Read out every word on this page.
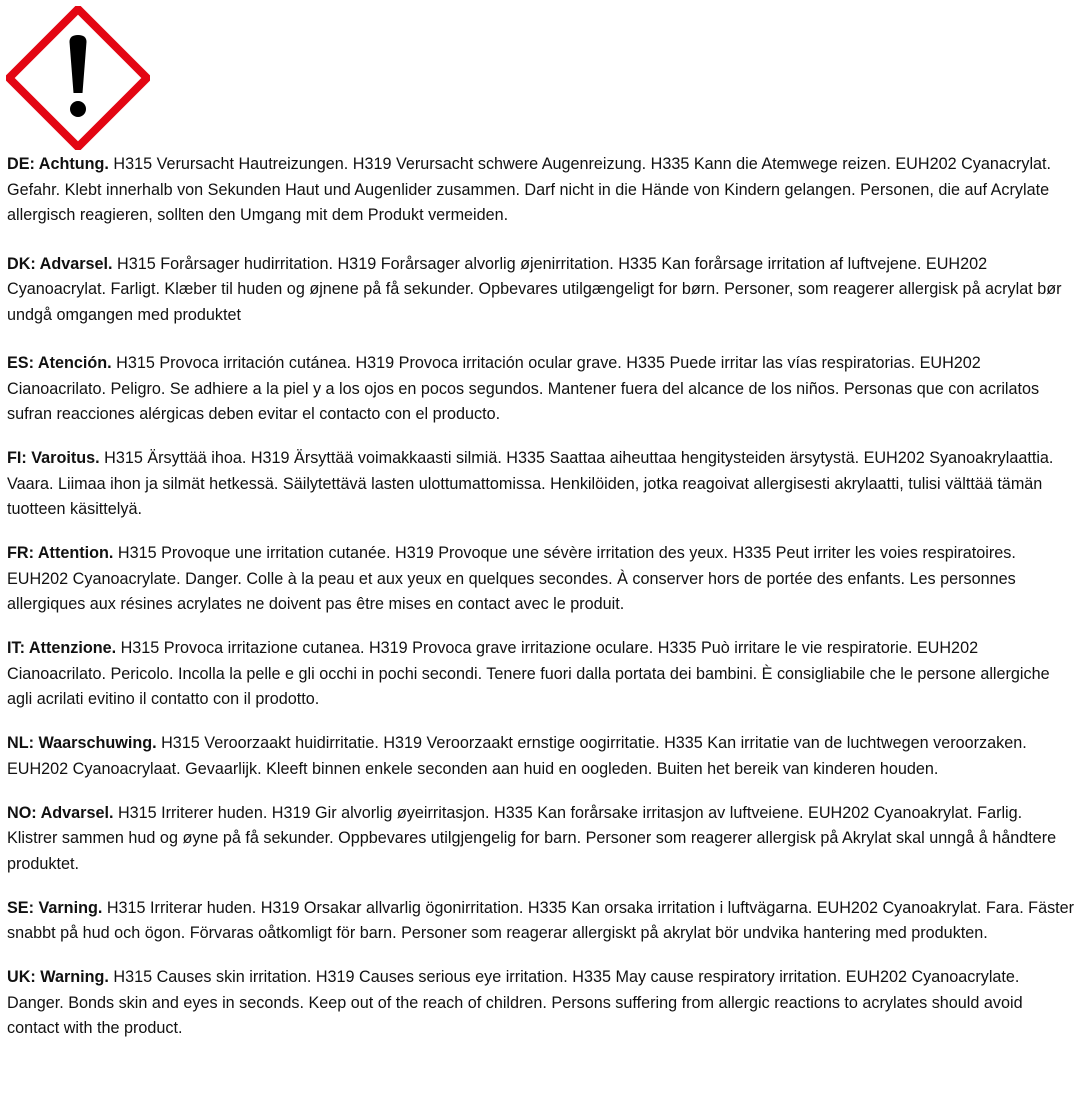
DE: Achtung. H315 Verursacht Hautreizungen. H319 Verursacht schwere Augenreizung. H335 Kann die Atemwege reizen. EUH202 Cyanacrylat. Gefahr. Klebt innerhalb von Sekunden Haut und Augenlider zusammen. Darf nicht in die Hände von Kindern gelangen. Personen, die auf Acrylate allergisch reagieren, sollten den Umgang mit dem Produkt vermeiden.

DK: Advarsel. H315 Forårsager hudirritation. H319 Forårsager alvorlig øjenirritation. H335 Kan forårsage irritation af luftvejene. EUH202 Cyanoacrylat. Farligt. Klæber til huden og øjnene på få sekunder. Opbevares utilgængeligt for børn. Personer, som reagerer allergisk på acrylat bør undgå omgangen med produktet

ES: Atención. H315 Provoca irritación cutánea. H319 Provoca irritación ocular grave. H335 Puede irritar las vías respiratorias. EUH202 Cianoacrilato. Peligro. Se adhiere a la piel y a los ojos en pocos segundos. Mantener fuera del alcance de los niños. Personas que con acrilatos sufran reacciones alérgicas deben evitar el contacto con el producto.

FI: Varoitus. H315 Ärsyttää ihoa. H319 Ärsyttää voimakkaasti silmiä. H335 Saattaa aiheuttaa hengitysteiden ärsytystä. EUH202 Syanoakrylaattia. Vaara. Liimaa ihon ja silmät hetkessä. Säilytettävä lasten ulottumattomissa. Henkilöiden, jotka reagoivat allergisesti akrylaatti, tulisi välttää tämän tuotteen käsittelyä.

FR: Attention. H315 Provoque une irritation cutanée. H319 Provoque une sévère irritation des yeux. H335 Peut irriter les voies respiratoires. EUH202 Cyanoacrylate. Danger. Colle à la peau et aux yeux en quelques secondes. À conserver hors de portée des enfants. Les personnes allergiques aux résines acrylates ne doivent pas être mises en contact avec le produit.

IT: Attenzione. H315 Provoca irritazione cutanea. H319 Provoca grave irritazione oculare. H335 Può irritare le vie respiratorie. EUH202 Cianoacrilato. Pericolo. Incolla la pelle e gli occhi in pochi secondi. Tenere fuori dalla portata dei bambini. È consigliabile che le persone allergiche agli acrilati evitino il contatto con il prodotto.

NL: Waarschuwing. H315 Veroorzaakt huidirritatie. H319 Veroorzaakt ernstige oogirritatie. H335 Kan irritatie van de luchtwegen veroorzaken. EUH202 Cyanoacrylaat. Gevaarlijk. Kleeft binnen enkele seconden aan huid en oogleden. Buiten het bereik van kinderen houden.

NO: Advarsel. H315 Irriterer huden. H319 Gir alvorlig øyeirritasjon. H335 Kan forårsake irritasjon av luftveiene. EUH202 Cyanoakrylat. Farlig. Klistrer sammen hud og øyne på få sekunder. Oppbevares utilgjengelig for barn. Personer som reagerer allergisk på Akrylat skal unngå å håndtere produktet.

SE: Varning. H315 Irriterar huden. H319 Orsakar allvarlig ögonirritation. H335 Kan orsaka irritation i luftvägarna. EUH202 Cyanoakrylat. Fara. Fäster snabbt på hud och ögon. Förvaras oåtkomligt för barn. Personer som reagerar allergiskt på akrylat bör undvika hantering med produkten.

UK: Warning. H315 Causes skin irritation. H319 Causes serious eye irritation. H335 May cause respiratory irritation. EUH202 Cyanoacrylate. Danger. Bonds skin and eyes in seconds. Keep out of the reach of children. Persons suffering from allergic reactions to acrylates should avoid contact with the product.
